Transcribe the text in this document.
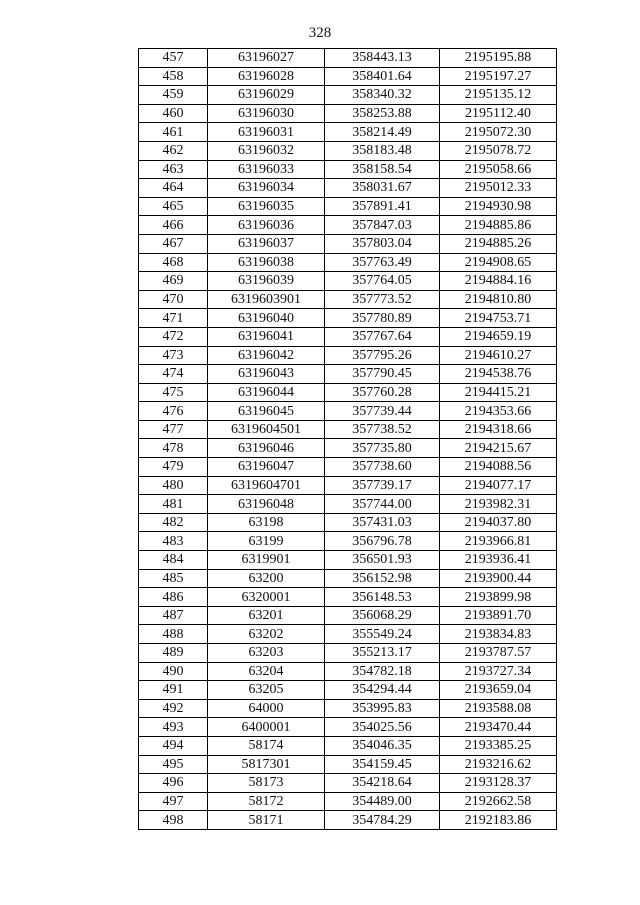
328
457	63196027	358443.13	2195195.88
458	63196028	358401.64	2195197.27
459	63196029	358340.32	2195135.12
460	63196030	358253.88	2195112.40
461	63196031	358214.49	2195072.30
462	63196032	358183.48	2195078.72
463	63196033	358158.54	2195058.66
464	63196034	358031.67	2195012.33
465	63196035	357891.41	2194930.98
466	63196036	357847.03	2194885.86
467	63196037	357803.04	2194885.26
468	63196038	357763.49	2194908.65
469	63196039	357764.05	2194884.16
470	6319603901	357773.52	2194810.80
471	63196040	357780.89	2194753.71
472	63196041	357767.64	2194659.19
473	63196042	357795.26	2194610.27
474	63196043	357790.45	2194538.76
475	63196044	357760.28	2194415.21
476	63196045	357739.44	2194353.66
477	6319604501	357738.52	2194318.66
478	63196046	357735.80	2194215.67
479	63196047	357738.60	2194088.56
480	6319604701	357739.17	2194077.17
481	63196048	357744.00	2193982.31
482	63198	357431.03	2194037.80
483	63199	356796.78	2193966.81
484	6319901	356501.93	2193936.41
485	63200	356152.98	2193900.44
486	6320001	356148.53	2193899.98
487	63201	356068.29	2193891.70
488	63202	355549.24	2193834.83
489	63203	355213.17	2193787.57
490	63204	354782.18	2193727.34
491	63205	354294.44	2193659.04
492	64000	353995.83	2193588.08
493	6400001	354025.56	2193470.44
494	58174	354046.35	2193385.25
495	5817301	354159.45	2193216.62
496	58173	354218.64	2193128.37
497	58172	354489.00	2192662.58
498	58171	354784.29	2192183.86
